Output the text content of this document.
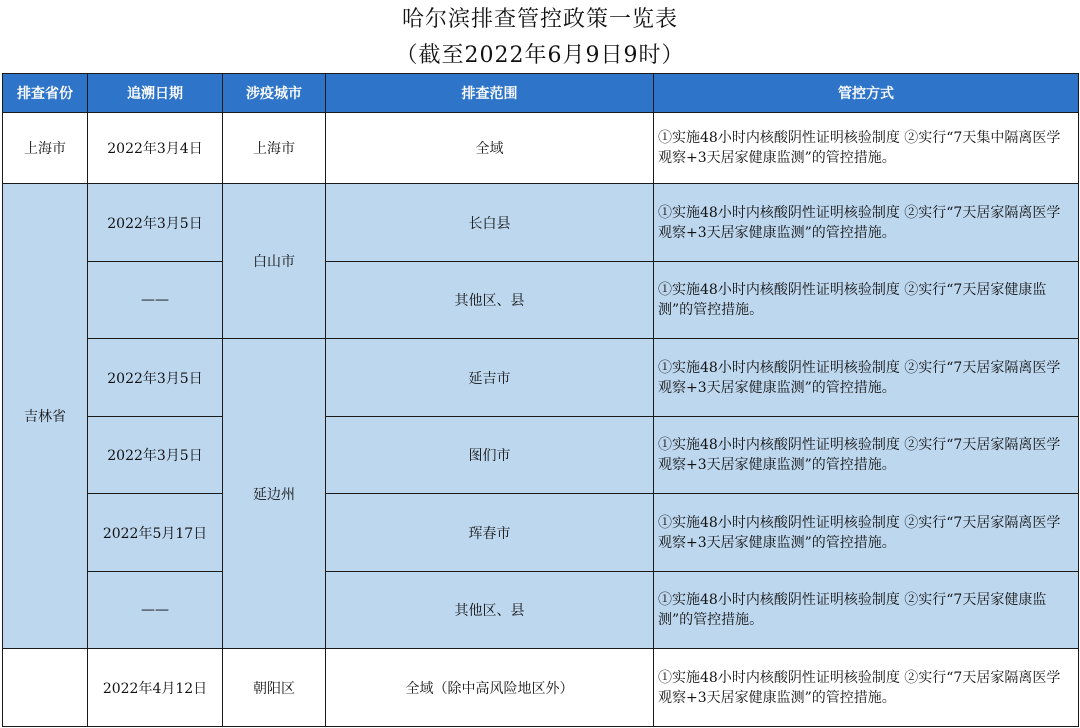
哈尔滨排查管控政策一览表
（截至2022年6月9日9时）
排查省份	追溯日期	涉疫城市	排查范围	管控方式
上海市	2022年3月4日	上海市	全域	①实施48小时内核酸阴性证明核验制度 ②实行“7天集中隔离医学观察+3天居家健康监测”的管控措施。
吉林省	2022年3月5日	白山市	长白县	①实施48小时内核酸阴性证明核验制度 ②实行“7天居家隔离医学观察+3天居家健康监测”的管控措施。
	——		其他区、县	①实施48小时内核酸阴性证明核验制度 ②实行“7天居家健康监测”的管控措施。
	2022年3月5日	延边州	延吉市	①实施48小时内核酸阴性证明核验制度 ②实行“7天居家隔离医学观察+3天居家健康监测”的管控措施。
	2022年3月5日		图们市	①实施48小时内核酸阴性证明核验制度 ②实行“7天居家隔离医学观察+3天居家健康监测”的管控措施。
	2022年5月17日		珲春市	①实施48小时内核酸阴性证明核验制度 ②实行“7天居家隔离医学观察+3天居家健康监测”的管控措施。
	——		其他区、县	①实施48小时内核酸阴性证明核验制度 ②实行“7天居家健康监测”的管控措施。
	2022年4月12日	朝阳区	全域（除中高风险地区外）	①实施48小时内核酸阴性证明核验制度 ②实行“7天居家隔离医学观察+3天居家健康监测”的管控措施。
